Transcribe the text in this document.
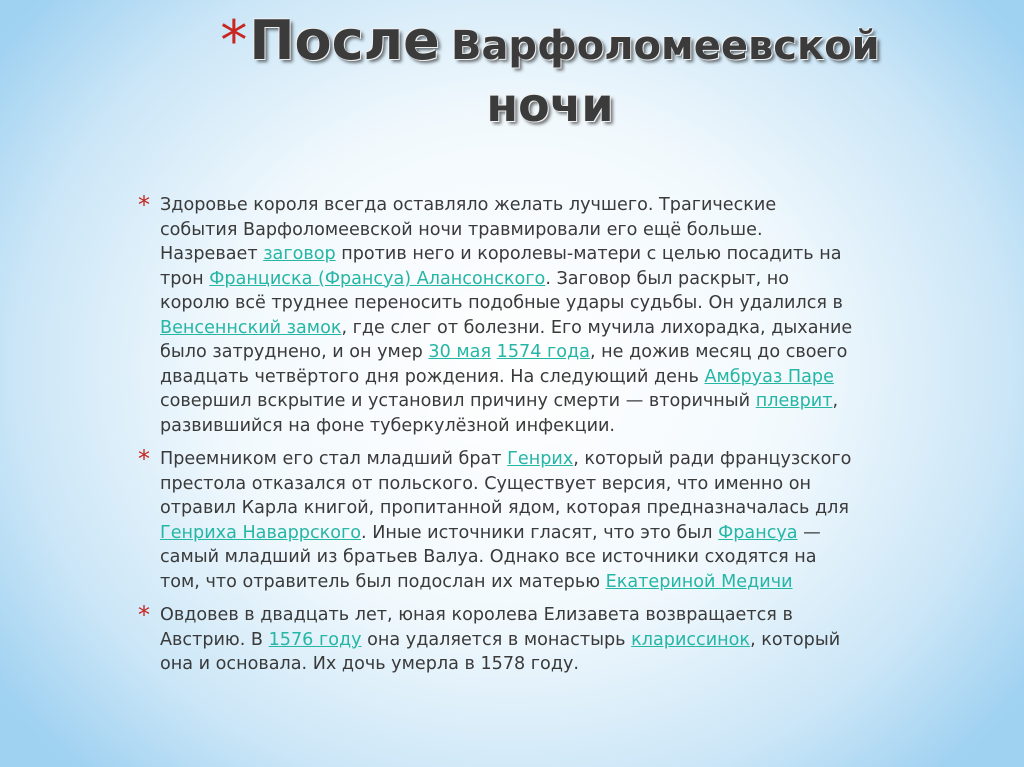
*После Варфоломеевской
ночи
* Здоровье короля всегда оставляло желать лучшего. Трагические события Варфоломеевской ночи травмировали его ещё больше. Назревает заговор против него и королевы-матери с целью посадить на трон Франциска (Франсуа) Алансонского. Заговор был раскрыт, но королю всё труднее переносить подобные удары судьбы. Он удалился в Венсеннский замок, где слег от болезни. Его мучила лихорадка, дыхание было затруднено, и он умер 30 мая 1574 года, не дожив месяц до своего двадцать четвёртого дня рождения. На следующий день Амбруаз Паре совершил вскрытие и установил причину смерти — вторичный плеврит, развившийся на фоне туберкулёзной инфекции.
* Преемником его стал младший брат Генрих, который ради французского престола отказался от польского. Существует версия, что именно он отравил Карла книгой, пропитанной ядом, которая предназначалась для Генриха Наваррского. Иные источники гласят, что это был Франсуа — самый младший из братьев Валуа. Однако все источники сходятся на том, что отравитель был подослан их матерью Екатериной Медичи
* Овдовев в двадцать лет, юная королева Елизавета возвращается в Австрию. В 1576 году она удаляется в монастырь клариссинок, который она и основала. Их дочь умерла в 1578 году.
